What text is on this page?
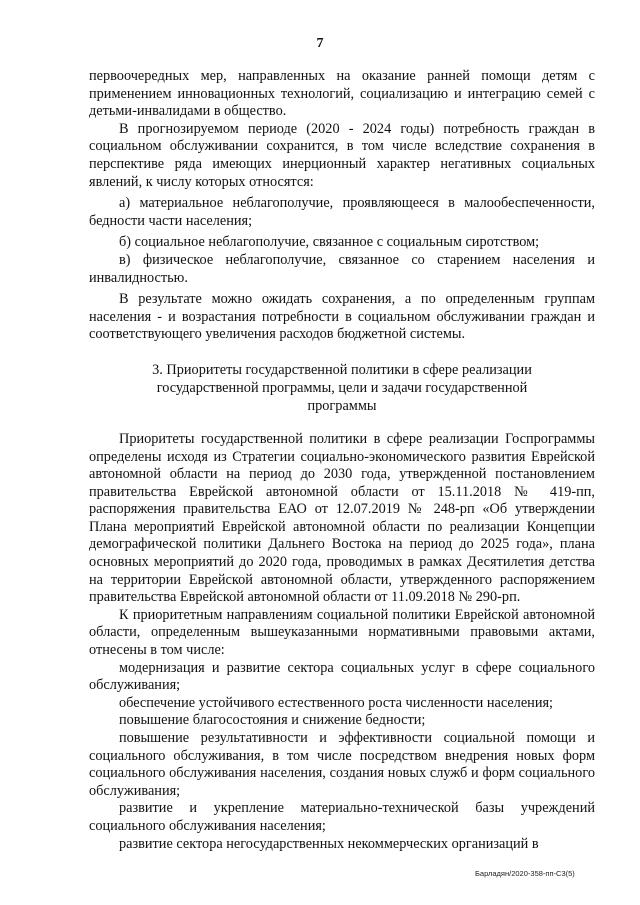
7

первоочередных мер, направленных на оказание ранней помощи детям с применением инновационных технологий, социализацию и интеграцию семей с детьми-инвалидами в общество.

В прогнозируемом периоде (2020 - 2024 годы) потребность граждан в социальном обслуживании сохранится, в том числе вследствие сохранения в перспективе ряда имеющих инерционный характер негативных социальных явлений, к числу которых относятся:

а) материальное неблагополучие, проявляющееся в малообеспеченности, бедности части населения;

б) социальное неблагополучие, связанное с социальным сиротством;

в) физическое неблагополучие, связанное со старением населения и инвалидностью.

В результате можно ожидать сохранения, а по определенным группам населения - и возрастания потребности в социальном обслуживании граждан и соответствующего увеличения расходов бюджетной системы.

3. Приоритеты государственной политики в сфере реализации государственной программы, цели и задачи государственной программы

Приоритеты государственной политики в сфере реализации Госпрограммы определены исходя из Стратегии социально-экономического развития Еврейской автономной области на период до 2030 года, утвержденной постановлением правительства Еврейской автономной области от 15.11.2018 № 419-пп, распоряжения правительства ЕАО от 12.07.2019 № 248-рп «Об утверждении Плана мероприятий Еврейской автономной области по реализации Концепции демографической политики Дальнего Востока на период до 2025 года», плана основных мероприятий до 2020 года, проводимых в рамках Десятилетия детства на территории Еврейской автономной области, утвержденного распоряжением правительства Еврейской автономной области от 11.09.2018 № 290-рп.

К приоритетным направлениям социальной политики Еврейской автономной области, определенным вышеуказанными нормативными правовыми актами, отнесены в том числе:

модернизация и развитие сектора социальных услуг в сфере социального обслуживания;

обеспечение устойчивого естественного роста численности населения;

повышение благосостояния и снижение бедности;

повышение результативности и эффективности социальной помощи и социального обслуживания, в том числе посредством внедрения новых форм социального обслуживания населения, создания новых служб и форм социального обслуживания;

развитие и укрепление материально-технической базы учреждений социального обслуживания населения;

развитие сектора негосударственных некоммерческих организаций в

Барладян/2020-358-пп-С3(5)
